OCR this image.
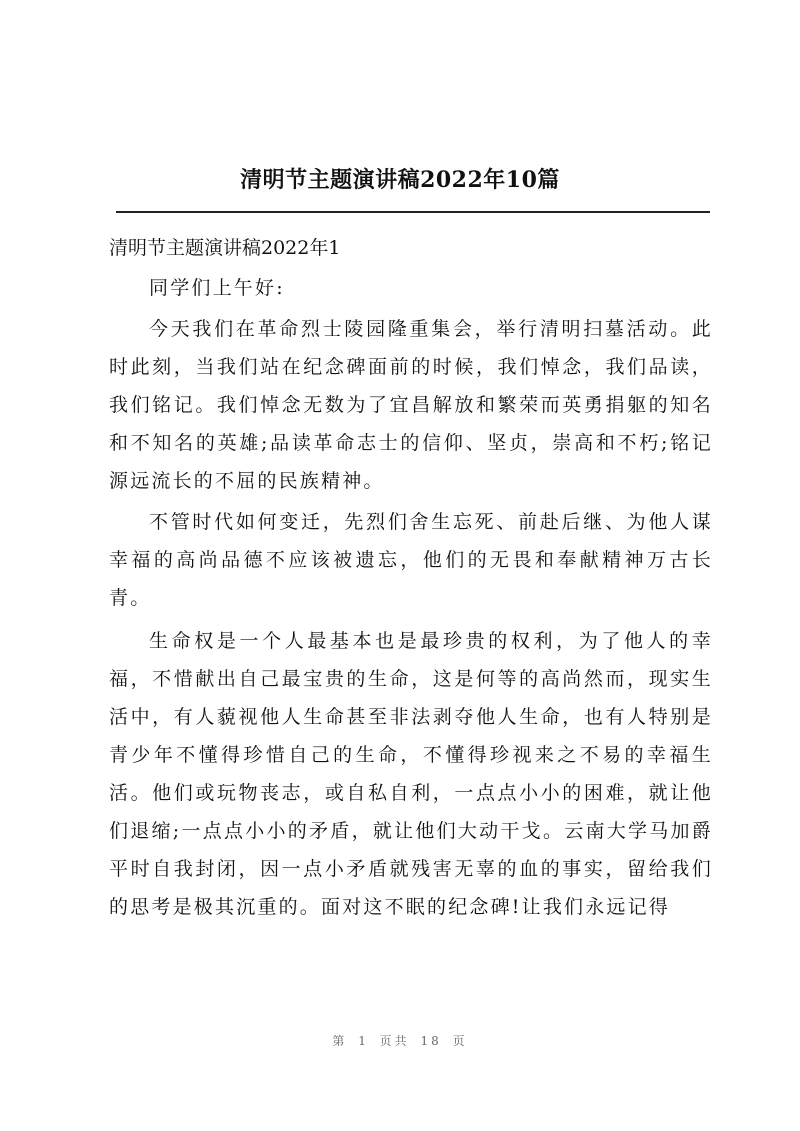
清明节主题演讲稿2022年10篇

清明节主题演讲稿2022年1

同学们上午好:

今天我们在革命烈士陵园隆重集会，举行清明扫墓活动。此时此刻，当我们站在纪念碑面前的时候，我们悼念，我们品读，我们铭记。我们悼念无数为了宜昌解放和繁荣而英勇捐躯的知名和不知名的英雄;品读革命志士的信仰、坚贞，崇高和不朽;铭记源远流长的不屈的民族精神。

不管时代如何变迁，先烈们舍生忘死、前赴后继、为他人谋幸福的高尚品德不应该被遗忘，他们的无畏和奉献精神万古长青。

生命权是一个人最基本也是最珍贵的权利，为了他人的幸福，不惜献出自己最宝贵的生命，这是何等的高尚然而，现实生活中，有人藐视他人生命甚至非法剥夺他人生命，也有人特别是青少年不懂得珍惜自己的生命，不懂得珍视来之不易的幸福生活。他们或玩物丧志，或自私自利，一点点小小的困难，就让他们退缩;一点点小小的矛盾，就让他们大动干戈。云南大学马加爵平时自我封闭，因一点小矛盾就残害无辜的血的事实，留给我们的思考是极其沉重的。面对这不眠的纪念碑!让我们永远记得

第 1 页共 18 页
